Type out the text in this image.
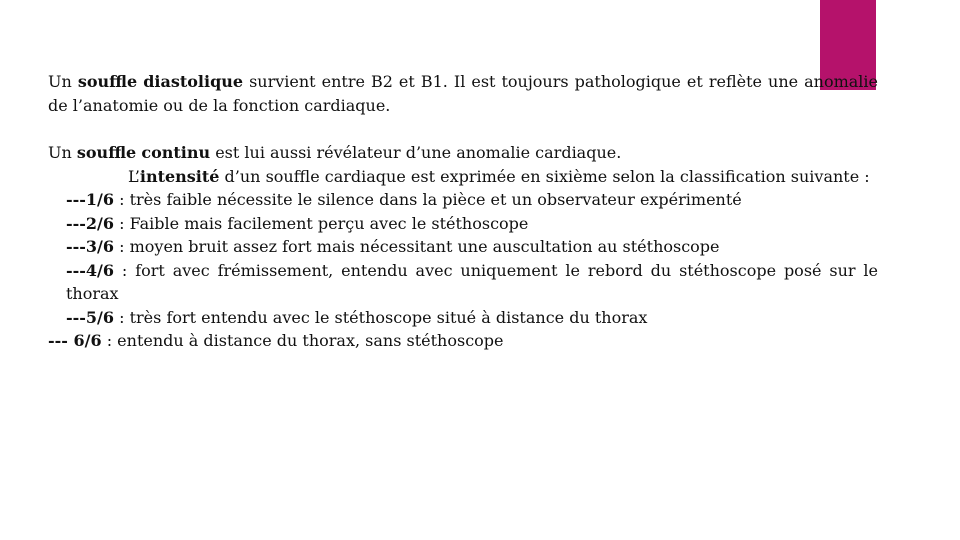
Un souffle diastolique survient entre B2 et B1. Il est toujours pathologique et reflète une anomalie de l’anatomie ou de la fonction cardiaque.

Un souffle continu est lui aussi révélateur d’une anomalie cardiaque.
L’intensité d’un souffle cardiaque est exprimée en sixième selon la classification suivante :
---1/6 : très faible nécessite le silence dans la pièce et un observateur expérimenté
---2/6 : Faible mais facilement perçu avec le stéthoscope
---3/6 : moyen bruit assez fort mais nécessitant une auscultation au stéthoscope
---4/6 : fort avec frémissement, entendu avec uniquement le rebord du stéthoscope posé sur le thorax
---5/6 : très fort entendu avec le stéthoscope situé à distance du thorax
--- 6/6 : entendu à distance du thorax, sans stéthoscope
